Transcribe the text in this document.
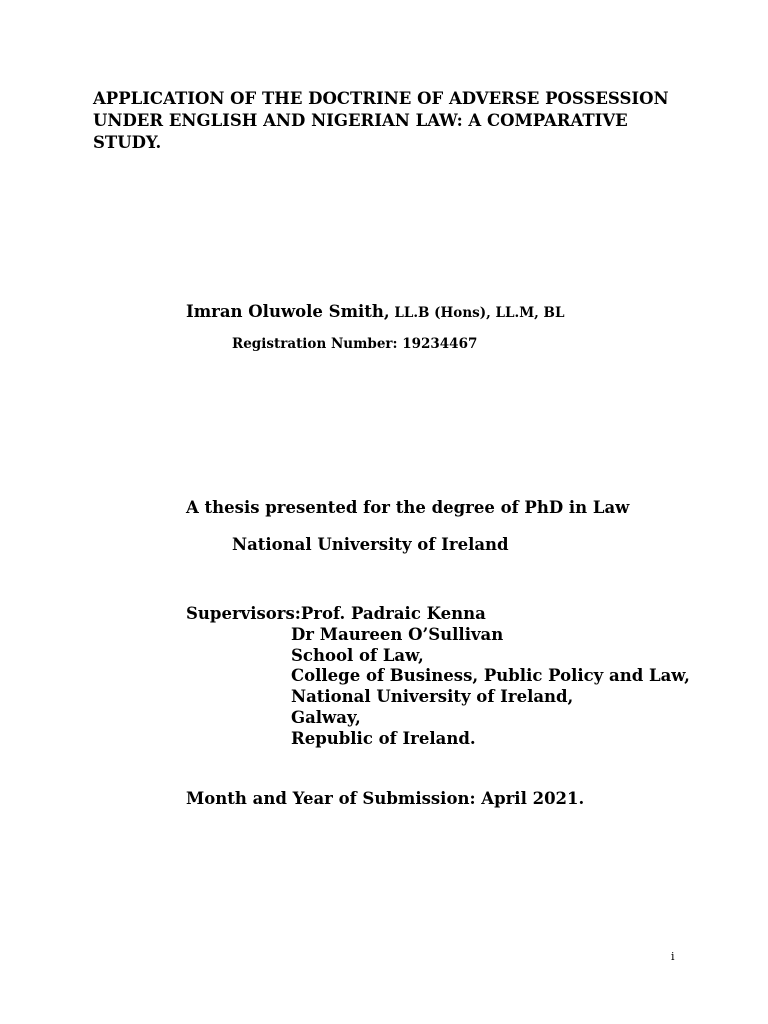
APPLICATION OF THE DOCTRINE OF ADVERSE POSSESSION
UNDER ENGLISH AND NIGERIAN LAW: A COMPARATIVE
STUDY.
Imran Oluwole Smith, LL.B (Hons), LL.M, BL
Registration Number: 19234467
A thesis presented for the degree of PhD in Law
National University of Ireland
Supervisors:Prof. Padraic Kenna
Dr Maureen O’Sullivan
School of Law,
College of Business, Public Policy and Law,
National University of Ireland,
Galway,
Republic of Ireland.
Month and Year of Submission: April 2021.
i
